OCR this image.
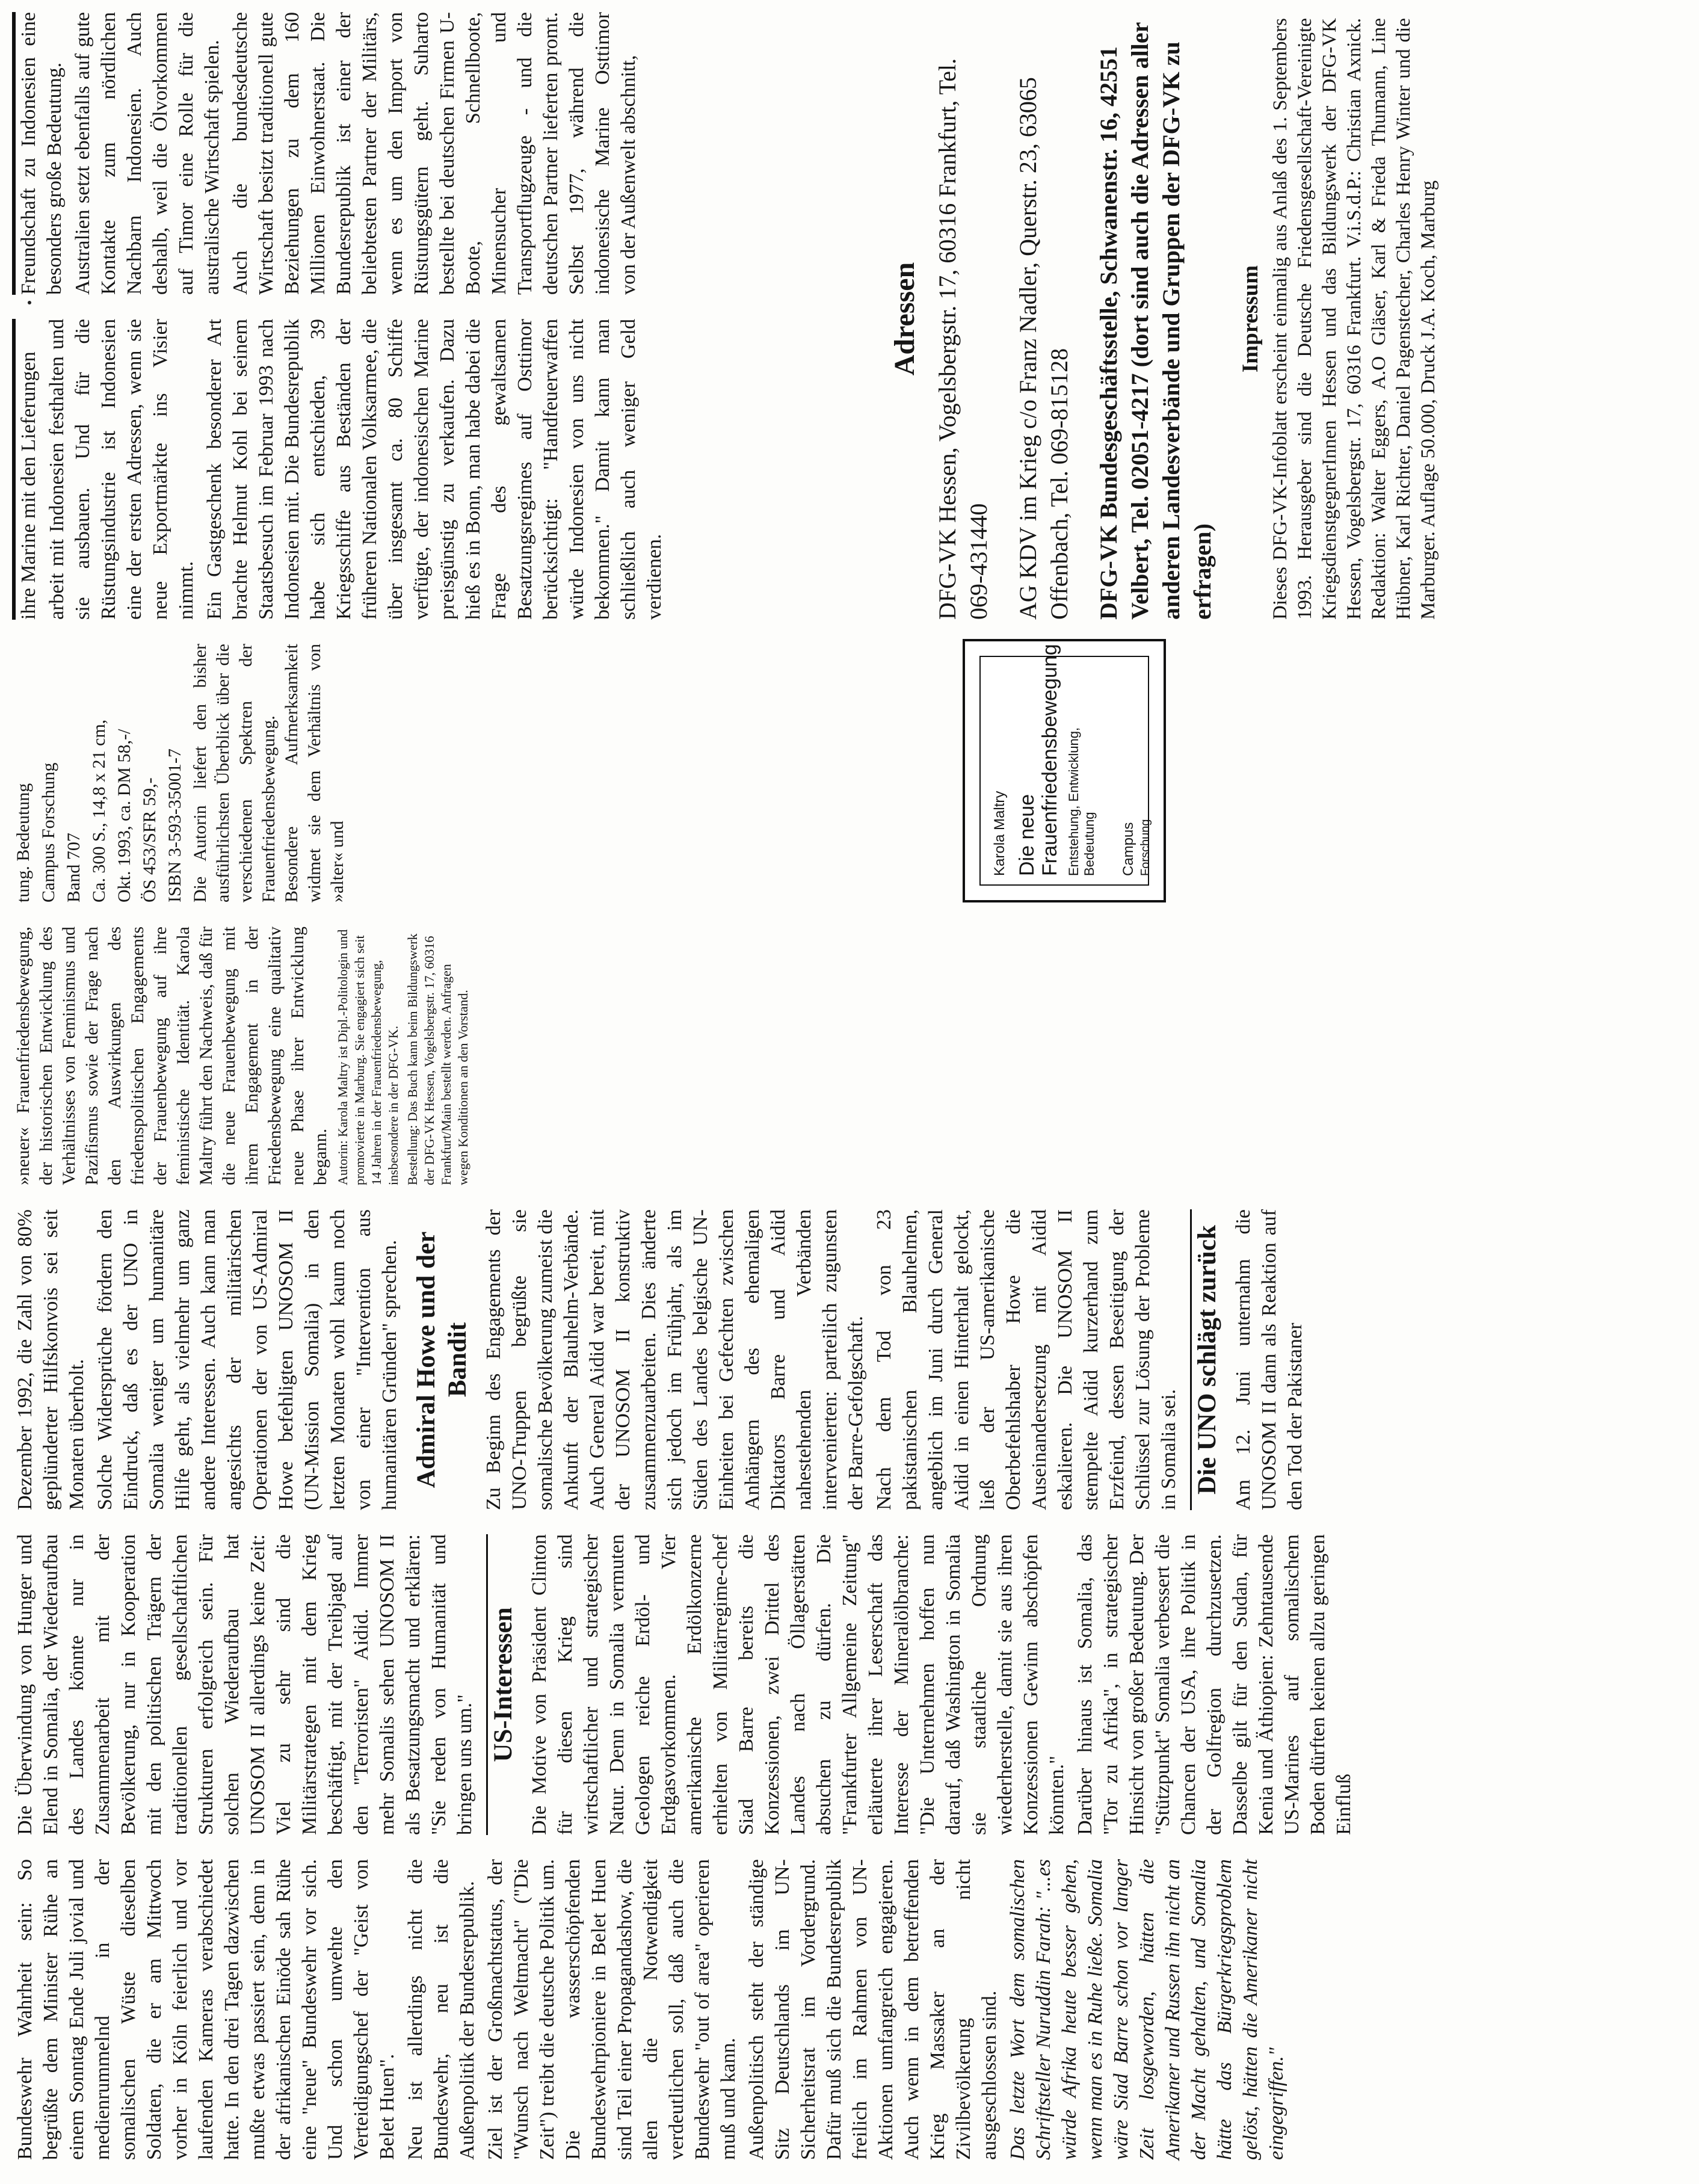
Freundschaft zu Indonesien eine besonders große Bedeutung. Australien setzt ebenfalls auf gute Kontakte zum nördlichen Nachbarn Indonesien. Auch deshalb, weil die Ölvorkommen auf Timor eine Rolle für die australische Wirtschaft spielen. Auch die bundesdeutsche Wirtschaft besitzt traditionell gute Beziehungen zu dem 160 Millionen Einwohnerstaat. Die Bundesrepublik ist einer der beliebtesten Partner der Militärs, wenn es um den Import von Rüstungsgütern geht. Suharto bestellte bei deutschen Firmen U-Boote, Schnellboote, Minensucher und Transportflugzeuge - und die deutschen Partner lieferten promt. Selbst 1977, während die indonesische Marine Osttimor von der Außenwelt abschnitt,

ihre Marine mit den Lieferungen arbeit mit Indonesien festhalten und sie ausbauen. Und für die Rüstungsindustrie ist Indonesien eine der ersten Adressen, wenn sie neue Exportmärkte ins Visier nimmt. Ein Gastgeschenk besonderer Art brachte Helmut Kohl bei seinem Staatsbesuch im Februar 1993 nach Indonesien mit. Die Bundesrepublik habe sich entschieden, 39 Kriegsschiffe aus Beständen der früheren Nationalen Volksarmee, die über insgesamt ca. 80 Schiffe verfügte, der indonesischen Marine preisgünstig zu verkaufen. Dazu hieß es in Bonn, man habe dabei die Frage des gewaltsamen Besatzungsregimes auf Osttimor berücksichtigt: "Handfeuerwaffen würde Indonesien von uns nicht bekommen." Damit kann man schließlich auch weniger Geld verdienen.

tung. Bedeutung Campus Forschung Band 707 Ca. 300 S., 14,8 x 21 cm, Okt. 1993, ca. DM 58,-/ ÖS 453/SFR 59,- ISBN 3-593-35001-7 Die Autorin liefert den bisher ausführlichsten Überblick über die verschiedenen Spektren der Frauenfriedensbewegung. Besondere Aufmerksamkeit widmet sie dem Verhältnis von »alter« und

»neuer« Frauenfriedensbewegung, der historischen Entwicklung des Verhältnisses von Feminismus und Pazifismus sowie der Frage nach den Auswirkungen des friedenspolitischen Engagements der Frauenbewegung auf ihre feministische Identität. Karola Maltry führt den Nachweis, daß für die neue Frauenbewegung mit ihrem Engagement in der Friedensbewegung eine qualitativ neue Phase ihrer Entwicklung begann. Autorin: Karola Maltry ist Dipl.-Politologin und promovierte in Marburg. Sie engagiert sich seit 14 Jahren in der Frauenfriedensbewegung, insbesondere in der DFG-VK. Bestellung: Das Buch kann beim Bildungswerk der DFG-VK Hessen, Vogelsbergstr. 17, 60316 Frankfurt/Main bestellt werden. Anfragen wegen Konditionen an den Vorstand.

Karola Maltry Die neue Frauenfriedensbewegung Entstehung, Entwicklung, Bedeutung Campus Forschung
Adressen DFG-VK Hessen, Vogelsbergstr. 17, 60316 Frankfurt, Tel. 069-431440 AG KDV im Krieg c/o Franz Nadler, Querstr. 23, 63065 Offenbach, Tel. 069-815128 DFG-VK Bundesgeschäftsstelle, Schwanenstr. 16, 42551 Velbert, Tel. 02051-4217 (dort sind auch die Adressen aller anderen Landesverbände und Gruppen der DFG-VK zu erfragen)
Impressum Dieses DFG-VK-Infoblatt erscheint einmalig aus Anlaß des 1. Septembers 1993. Herausgeber sind die Deutsche Friedensgesellschaft-Vereinigte KriegsdienstgegnerInnen Hessen und das Bildungswerk der DFG-VK Hessen, Vogelsbergstr. 17, 60316 Frankfurt. V.i.S.d.P.: Christian Axnick. Redaktion: Walter Eggers, A.O Gläser, Karl & Frieda Thumann, Line Hübner, Karl Richter, Daniel Pagenstecher, Charles Henry Winter und die Marburger. Auflage 50.000, Druck J.A. Koch, Marburg

Dezember 1992, die Zahl von 80% geplünderter Hilfskonvois sei seit Monaten überholt. Solche Widersprüche fördern den Eindruck, daß es der UNO in Somalia weniger um humanitäre Hilfe geht, als vielmehr um ganz andere Interessen. Auch kann man angesichts der militärischen Operationen der von US-Admiral Howe befehligten UNOSOM II (UN-Mission Somalia) in den letzten Monaten wohl kaum noch von einer "Intervention aus humanitären Gründen" sprechen. Admiral Howe und der Bandit Zu Beginn des Engagements der UNO-Truppen begrüßte sie somalische Bevölkerung zumeist die Ankunft der Blauhelm-Verbände. Auch General Aidid war bereit, mit der UNOSOM II konstruktiv zusammenzuarbeiten. Dies änderte sich jedoch im Frühjahr, als im Süden des Landes belgische UN-Einheiten bei Gefechten zwischen Anhängern des ehemaligen Diktators Barre und Aidid nahestehenden Verbänden intervenierten: parteilich zugunsten der Barre-Gefolgschaft. Nach dem Tod von 23 pakistanischen Blauhelmen, angeblich im Juni durch General Aidid in einen Hinterhalt gelockt, ließ der US-amerikanische Oberbefehlshaber Howe die Auseinandersetzung mit Aidid eskalieren. Die UNOSOM II stempelte Aidid kurzerhand zum Erzfeind, dessen Beseitigung der Schlüssel zur Lösung der Probleme in Somalia sei. Die UNO schlägt zurück Am 12. Juni unternahm die UNOSOM II dann als Reaktion auf den Tod der Pakistaner

Die Überwindung von Hunger und Elend in Somalia, der Wiederaufbau des Landes könnte nur in Zusammenarbeit mit der Bevölkerung, nur in Kooperation mit den politischen Trägern der traditionellen gesellschaftlichen Strukturen erfolgreich sein. Für solchen Wiederaufbau hat UNOSOM II allerdings keine Zeit: Viel zu sehr sind die Militärstrategen mit dem Krieg beschäftigt, mit der Treibjagd auf den "Terroristen" Aidid. Immer mehr Somalis sehen UNOSOM II als Besatzungsmacht und erklären: "Sie reden von Humanität und bringen uns um."

US-Interessen Die Motive von Präsident Clinton für diesen Krieg sind wirtschaftlicher und strategischer Natur. Denn in Somalia vermuten Geologen reiche Erdöl- und Erdgasvorkommen. Vier amerikanische Erdölkonzerne erhielten von Militärregime-chef Siad Barre bereits die Konzessionen, zwei Drittel des Landes nach Öllagerstätten absuchen zu dürfen. Die "Frankfurter Allgemeine Zeitung" erläuterte ihrer Leserschaft das Interesse der Mineralölbranche: "Die Unternehmen hoffen nun darauf, daß Washington in Somalia sie staatliche Ordnung wiederherstelle, damit sie aus ihren Konzessionen Gewinn abschöpfen könnten." Darüber hinaus ist Somalia, das "Tor zu Afrika", in strategischer Hinsicht von großer Bedeutung. Der "Stützpunkt" Somalia verbessert die Chancen der USA, ihre Politik in der Golfregion durchzusetzen. Dasselbe gilt für den Sudan, für Kenia und Äthiopien: Zehntausende US-Marines auf somalischem Boden dürften keinen allzu geringen Einfluß

Bundeswehr Wahrheit sein: So begrüßte dem Minister Rühe an einem Sonntag Ende Juli jovial und medienrummelnd in der somalischen Wüste dieselben Soldaten, die er am Mittwoch vorher in Köln feierlich und vor laufenden Kameras verabschiedet hatte. In den drei Tagen dazwischen mußte etwas passiert sein, denn in der afrikanischen Einöde sah Rühe eine "neue" Bundeswehr vor sich. Und schon umwehte den Verteidigungschef der "Geist von Belet Huen". Neu ist allerdings nicht die Bundeswehr, neu ist die Außenpolitik der Bundesrepublik. Ziel ist der Großmachtstatus, der "Wunsch nach Weltmacht" ("Die Zeit") treibt die deutsche Politik um. Die wasserschöpfenden Bundeswehrpioniere in Belet Huen sind Teil einer Propagandashow, die allen die Notwendigkeit verdeutlichen soll, daß auch die Bundeswehr "out of area" operieren muß und kann. Außenpolitisch steht der ständige Sitz Deutschlands im UN-Sicherheitsrat im Vordergrund. Dafür muß sich die Bundesrepublik freilich im Rahmen von UN-Aktionen umfangreich engagieren. Auch wenn in dem betreffenden Krieg Massaker an der Zivilbevölkerung nicht ausgeschlossen sind. Das letzte Wort dem somalischen Schriftsteller Nuruddin Farah: "...es würde Afrika heute besser gehen, wenn man es in Ruhe ließe. Somalia wäre Siad Barre schon vor langer Zeit losgeworden, hätten die Amerikaner und Russen ihn nicht an der Macht gehalten, und Somalia hätte das Bürgerkriegsproblem gelöst, hätten die Amerikaner nicht eingegriffen."
